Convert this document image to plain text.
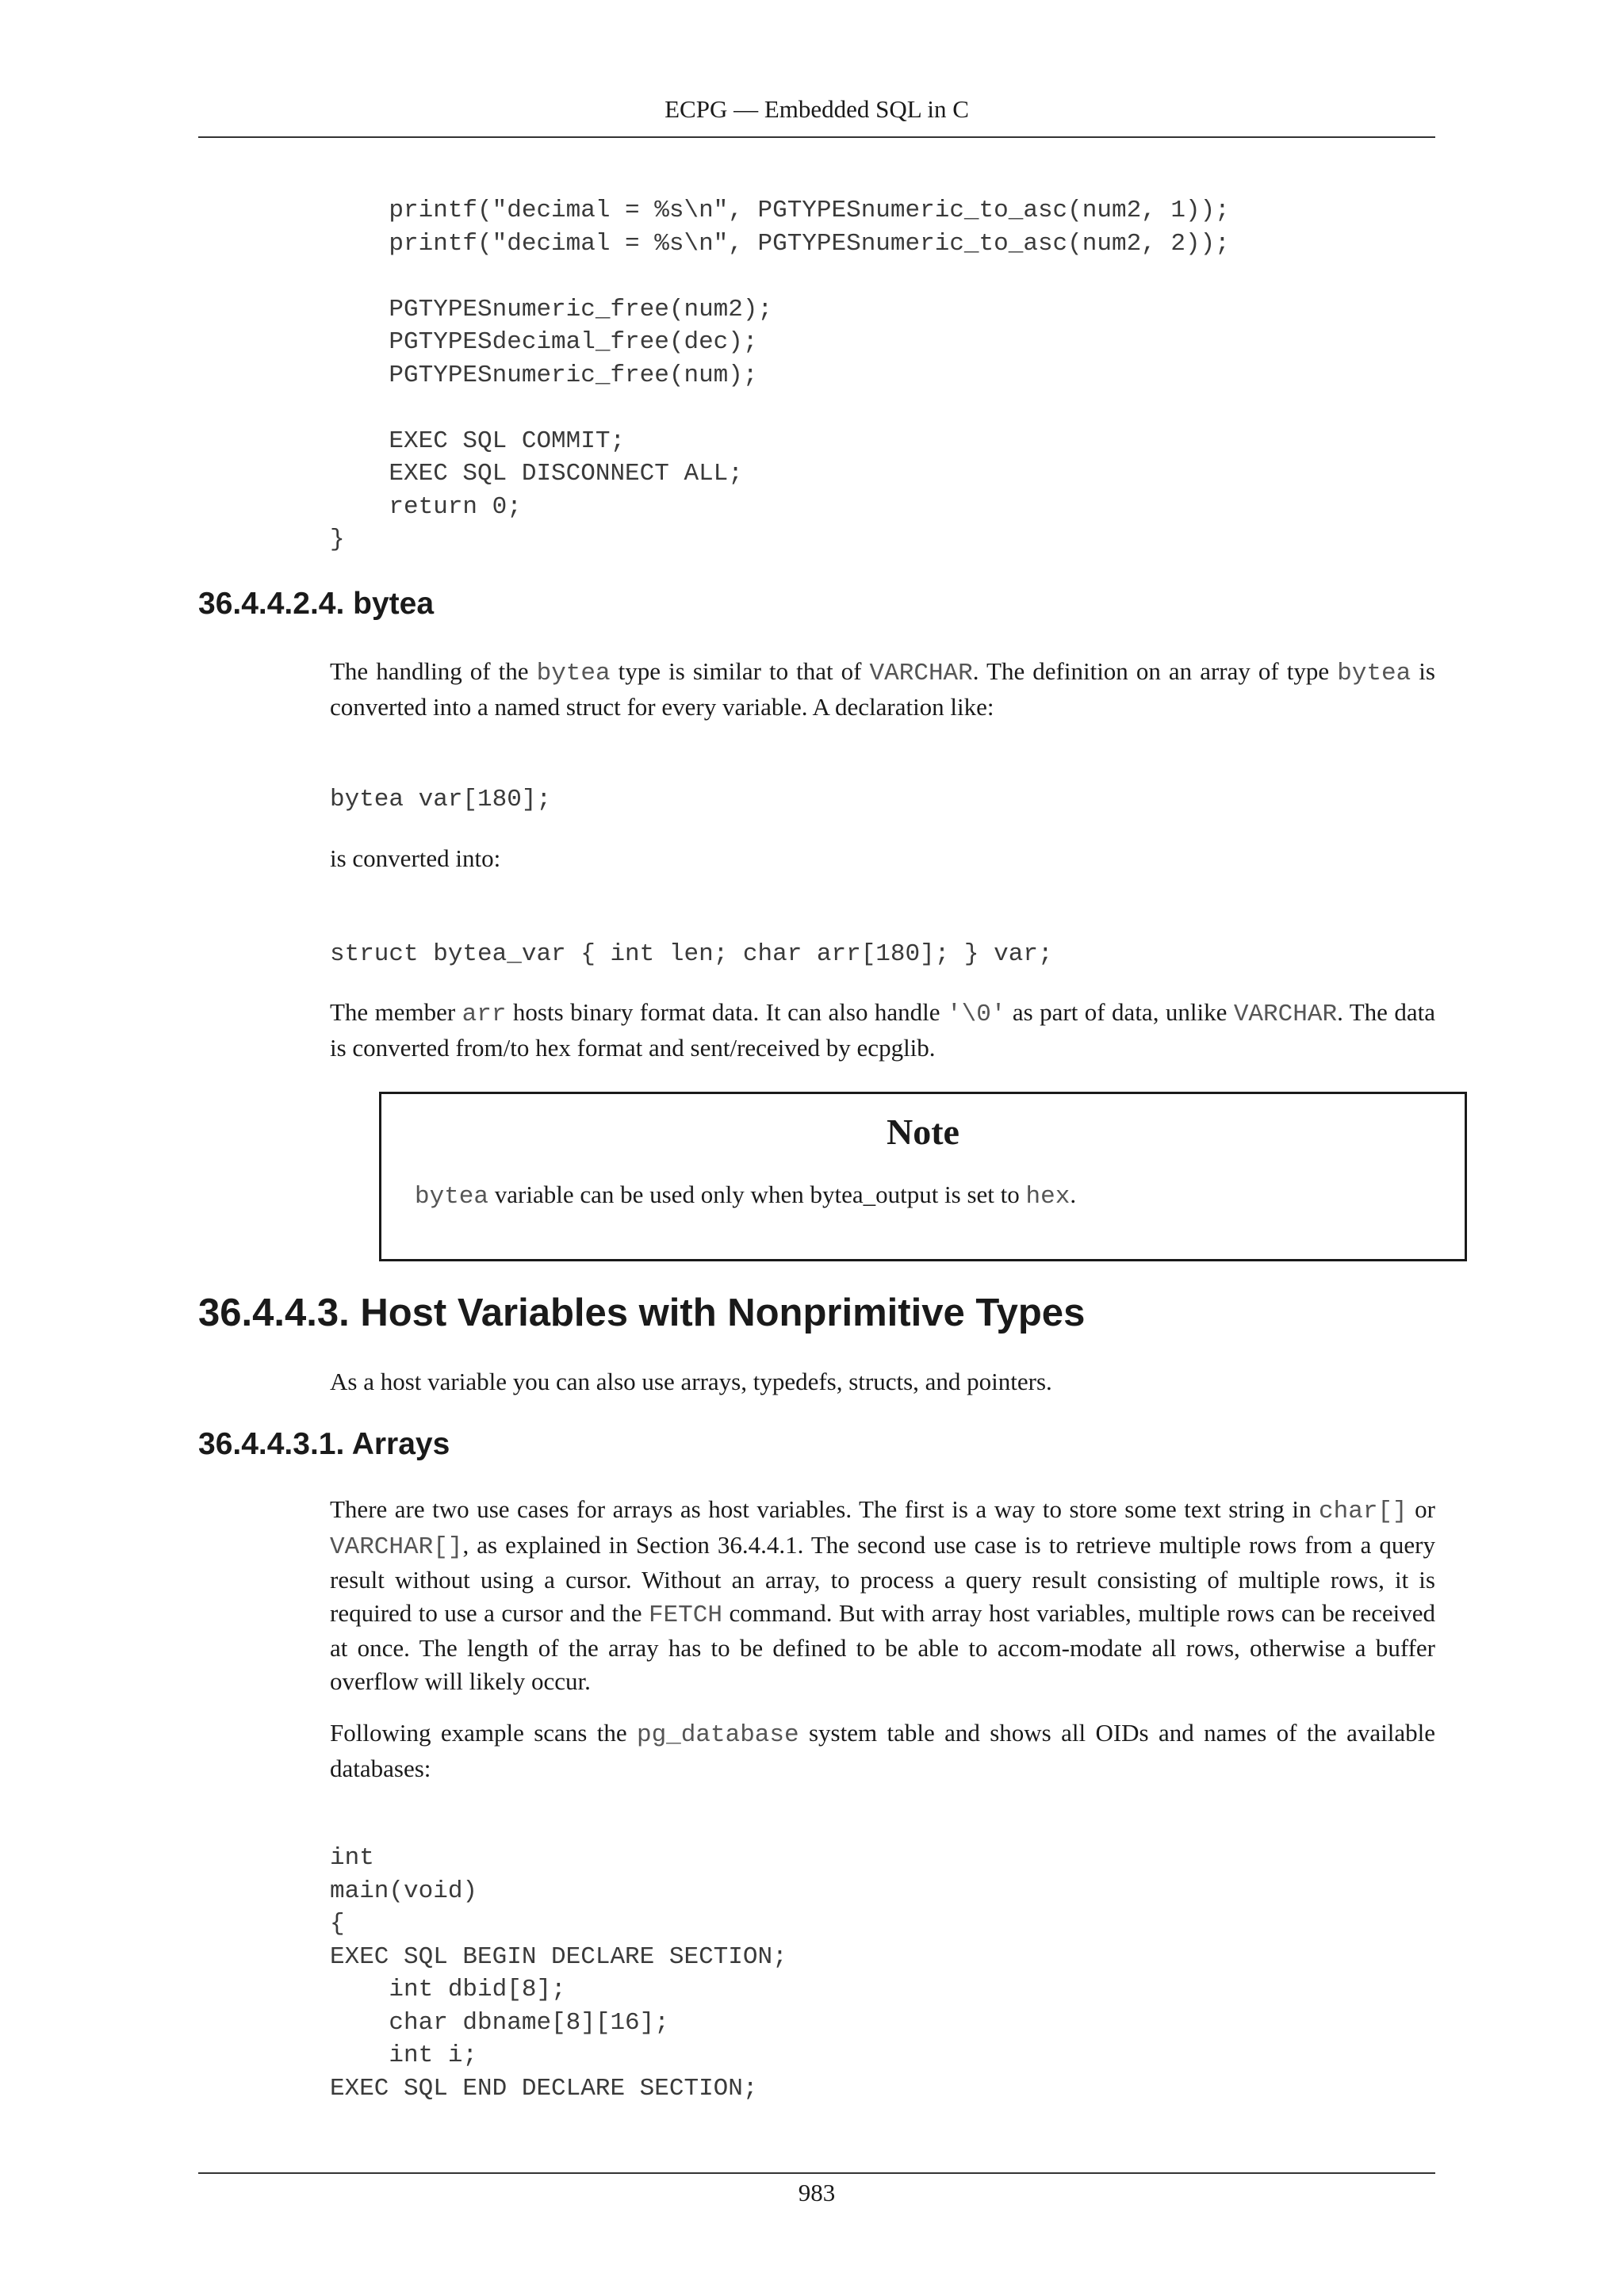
ECPG — Embedded SQL in C
printf("decimal = %s\n", PGTYPESnumeric_to_asc(num2, 1));
printf("decimal = %s\n", PGTYPESnumeric_to_asc(num2, 2));

PGTYPESnumeric_free(num2);
PGTYPESdecimal_free(dec);
PGTYPESnumeric_free(num);

EXEC SQL COMMIT;
EXEC SQL DISCONNECT ALL;
return 0;
}
36.4.4.2.4. bytea
The handling of the bytea type is similar to that of VARCHAR. The definition on an array of type bytea is converted into a named struct for every variable. A declaration like:
bytea var[180];
is converted into:
struct bytea_var { int len; char arr[180]; } var;
The member arr hosts binary format data. It can also handle '\0' as part of data, unlike VARCHAR. The data is converted from/to hex format and sent/received by ecpglib.
Note
bytea variable can be used only when bytea_output is set to hex.
36.4.4.3. Host Variables with Nonprimitive Types
As a host variable you can also use arrays, typedefs, structs, and pointers.
36.4.4.3.1. Arrays
There are two use cases for arrays as host variables. The first is a way to store some text string in char[] or VARCHAR[], as explained in Section 36.4.4.1. The second use case is to retrieve multiple rows from a query result without using a cursor. Without an array, to process a query result consisting of multiple rows, it is required to use a cursor and the FETCH command. But with array host variables, multiple rows can be received at once. The length of the array has to be defined to be able to accom-modate all rows, otherwise a buffer overflow will likely occur.
Following example scans the pg_database system table and shows all OIDs and names of the available databases:
int
main(void)
{
EXEC SQL BEGIN DECLARE SECTION;
int dbid[8];
char dbname[8][16];
int i;
EXEC SQL END DECLARE SECTION;
983
